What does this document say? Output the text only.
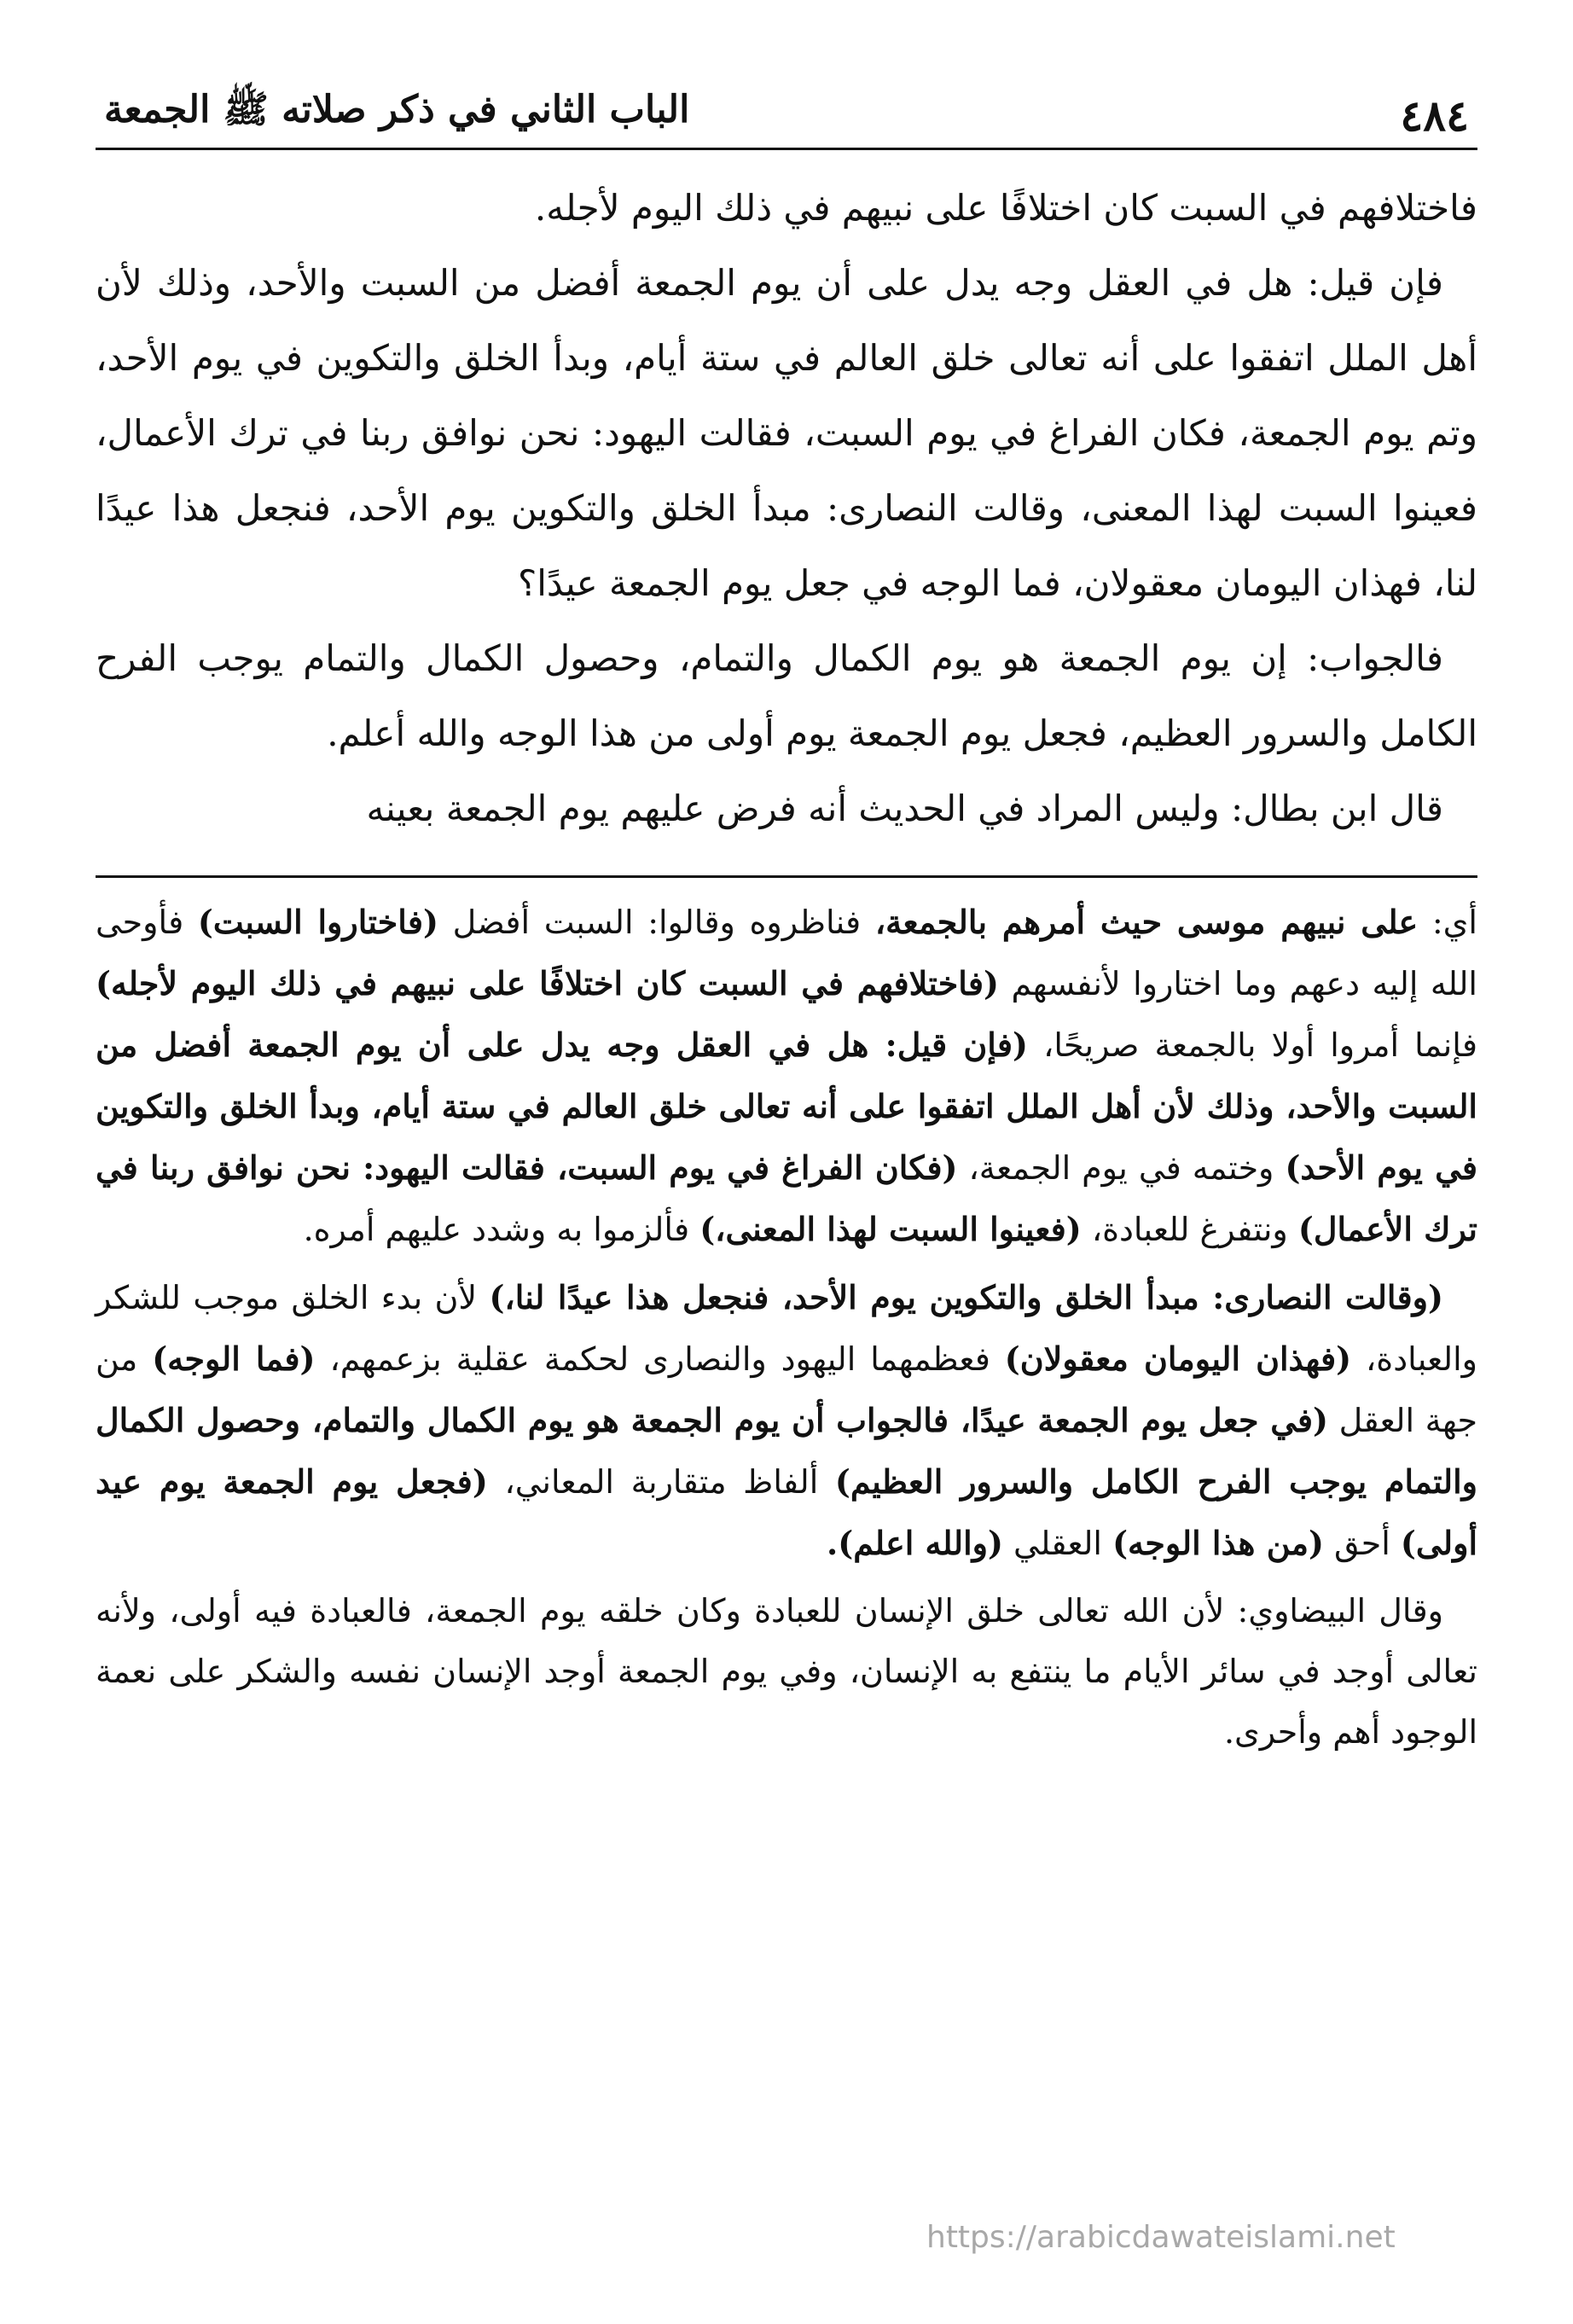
٤٨٤
الباب الثاني في ذكر صلاته ﷺ الجمعة

فاختلافهم في السبت كان اختلافًا على نبيهم في ذلك اليوم لأجله.

فإن قيل: هل في العقل وجه يدل على أن يوم الجمعة أفضل من السبت والأحد، وذلك لأن أهل الملل اتفقوا على أنه تعالى خلق العالم في ستة أيام، وبدأ الخلق والتكوين في يوم الأحد، وتم يوم الجمعة، فكان الفراغ في يوم السبت، فقالت اليهود: نحن نوافق ربنا في ترك الأعمال، فعينوا السبت لهذا المعنى، وقالت النصارى: مبدأ الخلق والتكوين يوم الأحد، فنجعل هذا عيدًا لنا، فهذان اليومان معقولان، فما الوجه في جعل يوم الجمعة عيدًا؟

فالجواب: إن يوم الجمعة هو يوم الكمال والتمام، وحصول الكمال والتمام يوجب الفرح الكامل والسرور العظيم، فجعل يوم الجمعة يوم أولى من هذا الوجه والله أعلم.

قال ابن بطال: وليس المراد في الحديث أنه فرض عليهم يوم الجمعة بعينه

أي: على نبيهم موسى حيث أمرهم بالجمعة، فناظروه وقالوا: السبت أفضل (فاختاروا السبت) فأوحى الله إليه دعهم وما اختاروا لأنفسهم (فاختلافهم في السبت كان اختلافًا على نبيهم في ذلك اليوم لأجله) فإنما أمروا أولا بالجمعة صريحًا، (فإن قيل: هل في العقل وجه يدل على أن يوم الجمعة أفضل من السبت والأحد، وذلك لأن أهل الملل اتفقوا على أنه تعالى خلق العالم في ستة أيام، وبدأ الخلق والتكوين في يوم الأحد) وختمه في يوم الجمعة، (فكان الفراغ في يوم السبت، فقالت اليهود: نحن نوافق ربنا في ترك الأعمال) ونتفرغ للعبادة، (فعينوا السبت لهذا المعنى،) فألزموا به وشدد عليهم أمره.

(وقالت النصارى: مبدأ الخلق والتكوين يوم الأحد، فنجعل هذا عيدًا لنا،) لأن بدء الخلق موجب للشكر والعبادة، (فهذان اليومان معقولان) فعظمهما اليهود والنصارى لحكمة عقلية بزعمهم، (فما الوجه) من جهة العقل (في جعل يوم الجمعة عيدًا، فالجواب أن يوم الجمعة هو يوم الكمال والتمام، وحصول الكمال والتمام يوجب الفرح الكامل والسرور العظيم) ألفاظ متقاربة المعاني، (فجعل يوم الجمعة يوم عيد أولى) أحق (من هذا الوجه) العقلي (والله اعلم).

وقال البيضاوي: لأن الله تعالى خلق الإنسان للعبادة وكان خلقه يوم الجمعة، فالعبادة فيه أولى، ولأنه تعالى أوجد في سائر الأيام ما ينتفع به الإنسان، وفي يوم الجمعة أوجد الإنسان نفسه والشكر على نعمة الوجود أهم وأحرى.

https://arabicdawateislami.net
